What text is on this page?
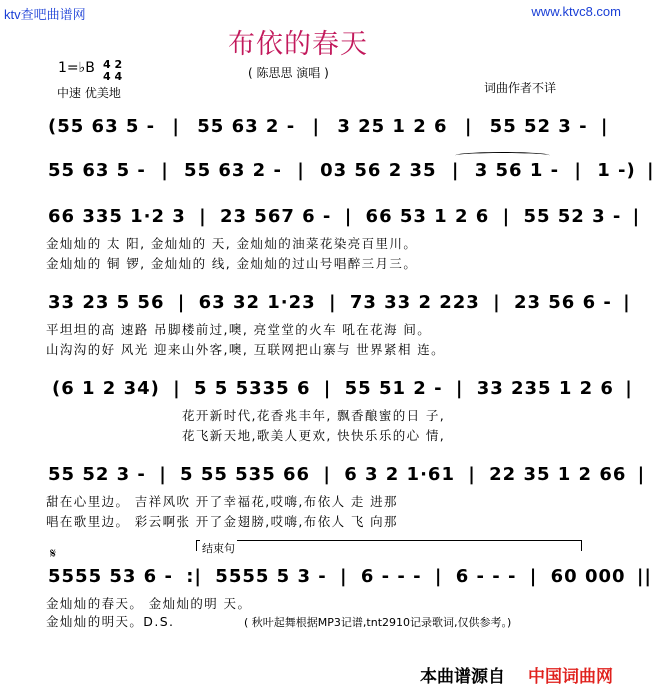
ktv查吧曲谱网	www.ktvc8.com
布依的春天
( 陈思思 演唱 )
1=♭B 4 2
4 4
中速 优美地	词曲作者不详
(55 63 5 - | 55 63 2 - | 3 25 1 2 6 | 55 52 3 - |
55 63 5 - | 55 63 2 - | 03 56 2 35 | 3 56 1 - | 1 -) |
66 335 1·2 3 | 23 567 6 - | 66 53 1 2 6 | 55 52 3 - |
金灿灿的 太 阳, 金灿灿的 天, 金灿灿的油菜花染亮百里川。
金灿灿的 铜 锣, 金灿灿的 线, 金灿灿的过山号唱醉三月三。
33 23 5 56 | 63 32 1·23 | 73 33 2 223 | 23 56 6 - |
平坦坦的高 速路 吊脚楼前过,噢, 亮堂堂的火车 吼在花海 间。
山沟沟的好 风光 迎来山外客,噢, 互联网把山寨与 世界紧相 连。
(6 1 2 34) | 5 5 5335 6 | 55 51 2 - | 33 235 1 2 6 |
花开新时代,花香兆丰年, 飘香酿蜜的日 子,
花飞新天地,歌美人更欢, 快快乐乐的心 情,
55 52 3 - | 5 55 535 66 | 6 3 2 1·61 | 22 35 1 2 66 |
甜在心里边。 吉祥风吹 开了幸福花,哎嗨,布依人 走 进那
唱在歌里边。 彩云啊张 开了金翅膀,哎嗨,布依人 飞 向那
𝄋	结束句
5555 53 6 - :| 5555 5 3 - | 6 - - - | 6 - - - | 60 000 ||
金灿灿的春天。 金灿灿的明 天。
金灿灿的明天。D.S.	( 秋叶起舞根据MP3记谱,tnt2910记录歌词,仅供参考。)
本曲谱源自 中国词曲网
